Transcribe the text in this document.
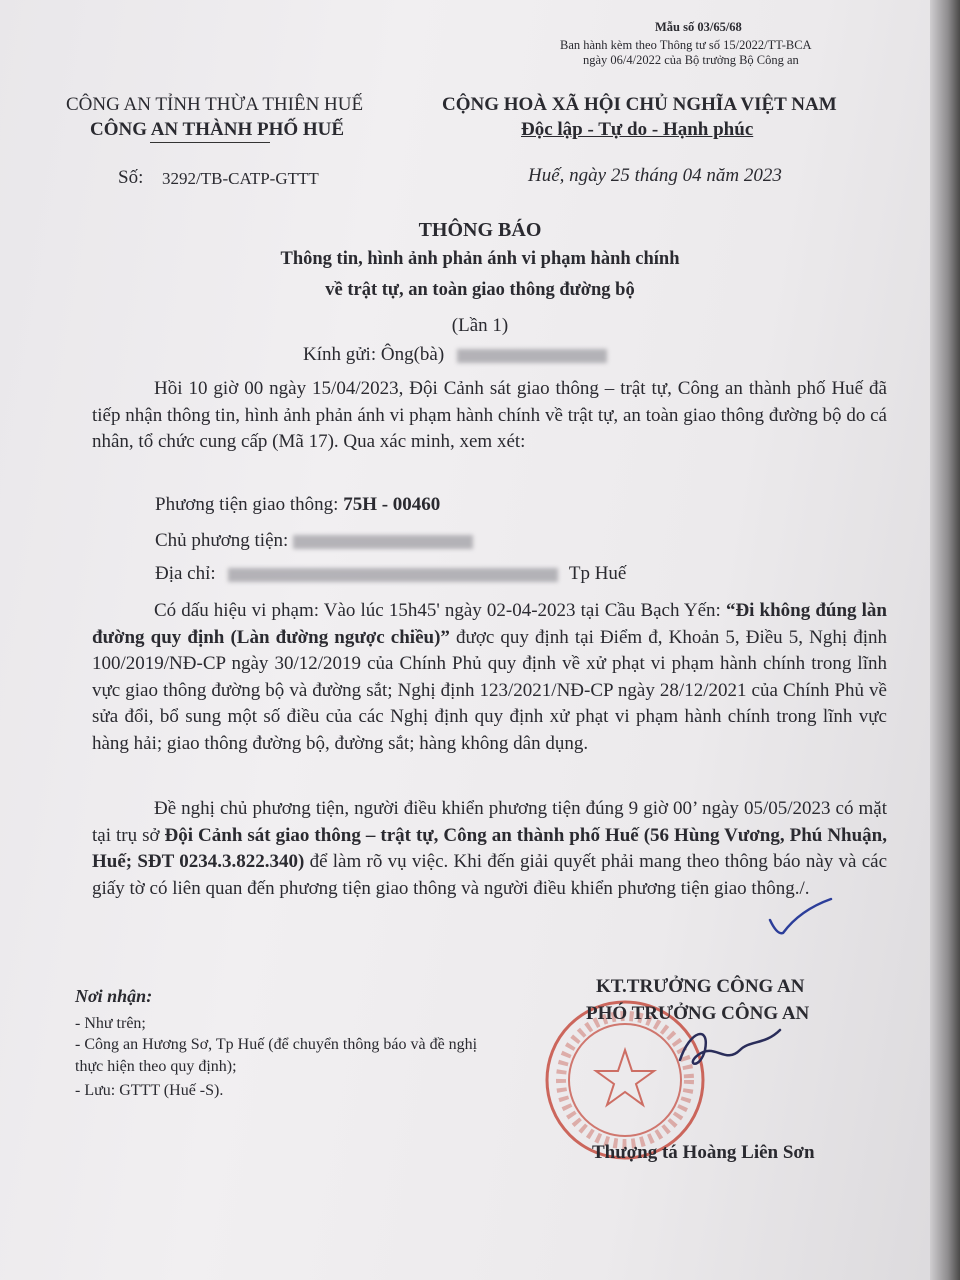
Mẫu số 03/65/68
Ban hành kèm theo Thông tư số 15/2022/TT-BCA
ngày 06/4/2022 của Bộ trưởng Bộ Công an
CÔNG AN TỈNH THỪA THIÊN HUẾ
CÔNG AN THÀNH PHỐ HUẾ
CỘNG HOÀ XÃ HỘI CHỦ NGHĨA VIỆT NAM
Độc lập - Tự do - Hạnh phúc
Số: 3292/TB-CATP-GTTT	Huế, ngày 25 tháng 04 năm 2023
THÔNG BÁO
Thông tin, hình ảnh phản ánh vi phạm hành chính
về trật tự, an toàn giao thông đường bộ
(Lần 1)
Kính gửi: Ông(bà)
Hồi 10 giờ 00 ngày 15/04/2023, Đội Cảnh sát giao thông – trật tự, Công an thành phố Huế đã tiếp nhận thông tin, hình ảnh phản ánh vi phạm hành chính về trật tự, an toàn giao thông đường bộ do cá nhân, tổ chức cung cấp (Mã 17). Qua xác minh, xem xét:
Phương tiện giao thông: 75H - 00460
Chủ phương tiện:
Địa chỉ:	Tp Huế
Có dấu hiệu vi phạm: Vào lúc 15h45' ngày 02-04-2023 tại Cầu Bạch Yến: “Đi không đúng làn đường quy định (Làn đường ngược chiều)” được quy định tại Điểm đ, Khoản 5, Điều 5, Nghị định 100/2019/NĐ-CP ngày 30/12/2019 của Chính Phủ quy định về xử phạt vi phạm hành chính trong lĩnh vực giao thông đường bộ và đường sắt; Nghị định 123/2021/NĐ-CP ngày 28/12/2021 của Chính Phủ về sửa đổi, bổ sung một số điều của các Nghị định quy định xử phạt vi phạm hành chính trong lĩnh vực hàng hải; giao thông đường bộ, đường sắt; hàng không dân dụng.
Đề nghị chủ phương tiện, người điều khiển phương tiện đúng 9 giờ 00’ ngày 05/05/2023 có mặt tại trụ sở Đội Cảnh sát giao thông – trật tự, Công an thành phố Huế (56 Hùng Vương, Phú Nhuận, Huế; SĐT 0234.3.822.340) để làm rõ vụ việc. Khi đến giải quyết phải mang theo thông báo này và các giấy tờ có liên quan đến phương tiện giao thông và người điều khiển phương tiện giao thông./.
Nơi nhận:
- Như trên;
- Công an Hương Sơ, Tp Huế (để chuyển thông báo và đề nghị thực hiện theo quy định);
- Lưu: GTTT (Huế -S).
KT.TRƯỞNG CÔNG AN
PHÓ TRƯỞNG CÔNG AN
Thượng tá Hoàng Liên Sơn
